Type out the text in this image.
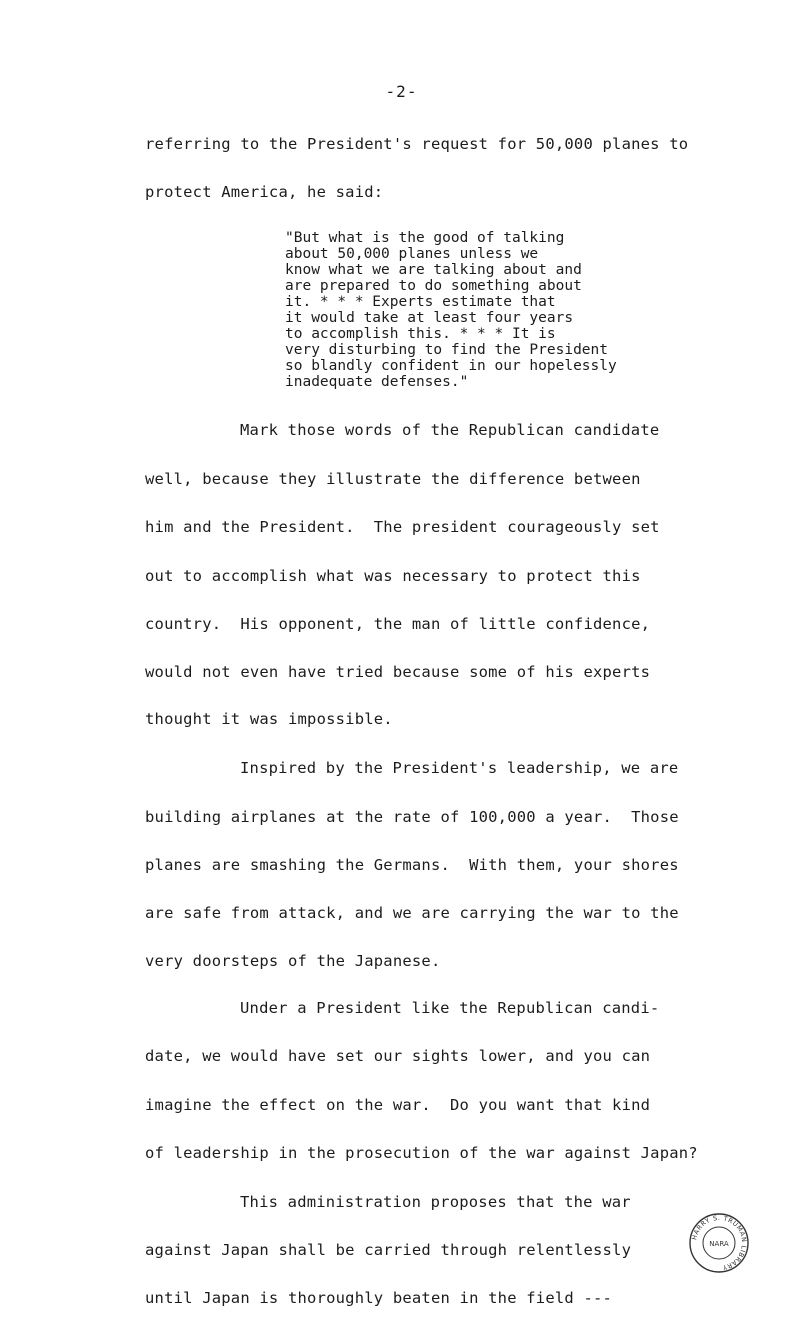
-2-
referring to the President's request for 50,000 planes to
protect America, he said:
"But what is the good of talking
about 50,000 planes unless we
know what we are talking about and
are prepared to do something about
it. * * * Experts estimate that
it would take at least four years
to accomplish this. * * * It is
very disturbing to find the President
so blandly confident in our hopelessly
inadequate defenses."
Mark those words of the Republican candidate
well, because they illustrate the difference between
him and the President.  The president courageously set
out to accomplish what was necessary to protect this
country.  His opponent, the man of little confidence,
would not even have tried because some of his experts
thought it was impossible.
Inspired by the President's leadership, we are
building airplanes at the rate of 100,000 a year.  Those
planes are smashing the Germans.  With them, your shores
are safe from attack, and we are carrying the war to the
very doorsteps of the Japanese.
Under a President like the Republican candi-
date, we would have set our sights lower, and you can
imagine the effect on the war.  Do you want that kind
of leadership in the prosecution of the war against Japan?
This administration proposes that the war
against Japan shall be carried through relentlessly
until Japan is thoroughly beaten in the field ---
HARRY S. TRUMAN LIBRARY
NARA
